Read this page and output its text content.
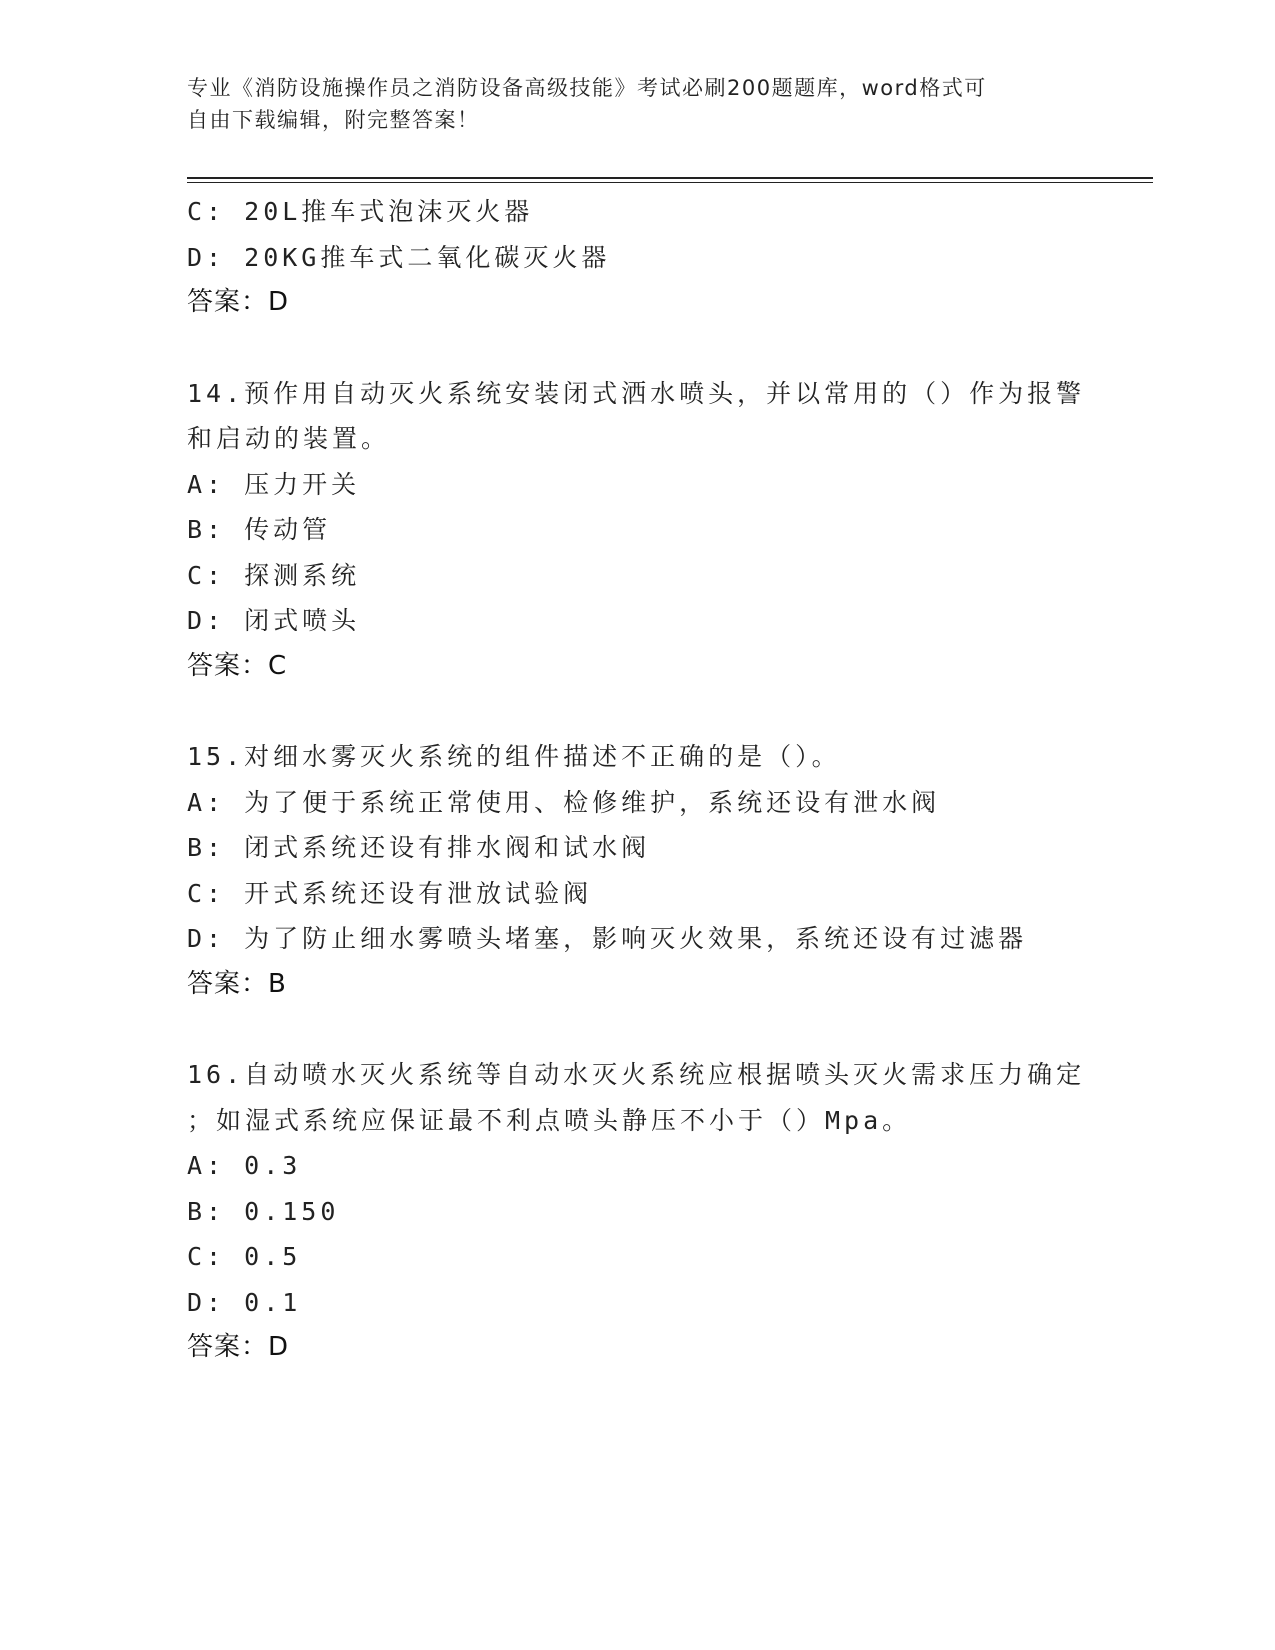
专业《消防设施操作员之消防设备高级技能》考试必刷200题题库，word格式可
自由下载编辑，附完整答案！
C: 20L推车式泡沫灭火器
D: 20KG推车式二氧化碳灭火器
答案：D
14.预作用自动灭火系统安装闭式洒水喷头，并以常用的（）作为报警
和启动的装置。
A: 压力开关
B: 传动管
C: 探测系统
D: 闭式喷头
答案：C
15.对细水雾灭火系统的组件描述不正确的是（）。
A: 为了便于系统正常使用、检修维护，系统还设有泄水阀
B: 闭式系统还设有排水阀和试水阀
C: 开式系统还设有泄放试验阀
D: 为了防止细水雾喷头堵塞，影响灭火效果，系统还设有过滤器
答案：B
16.自动喷水灭火系统等自动水灭火系统应根据喷头灭火需求压力确定
；如湿式系统应保证最不利点喷头静压不小于（）Mpa。
A: 0.3
B: 0.150
C: 0.5
D: 0.1
答案：D
